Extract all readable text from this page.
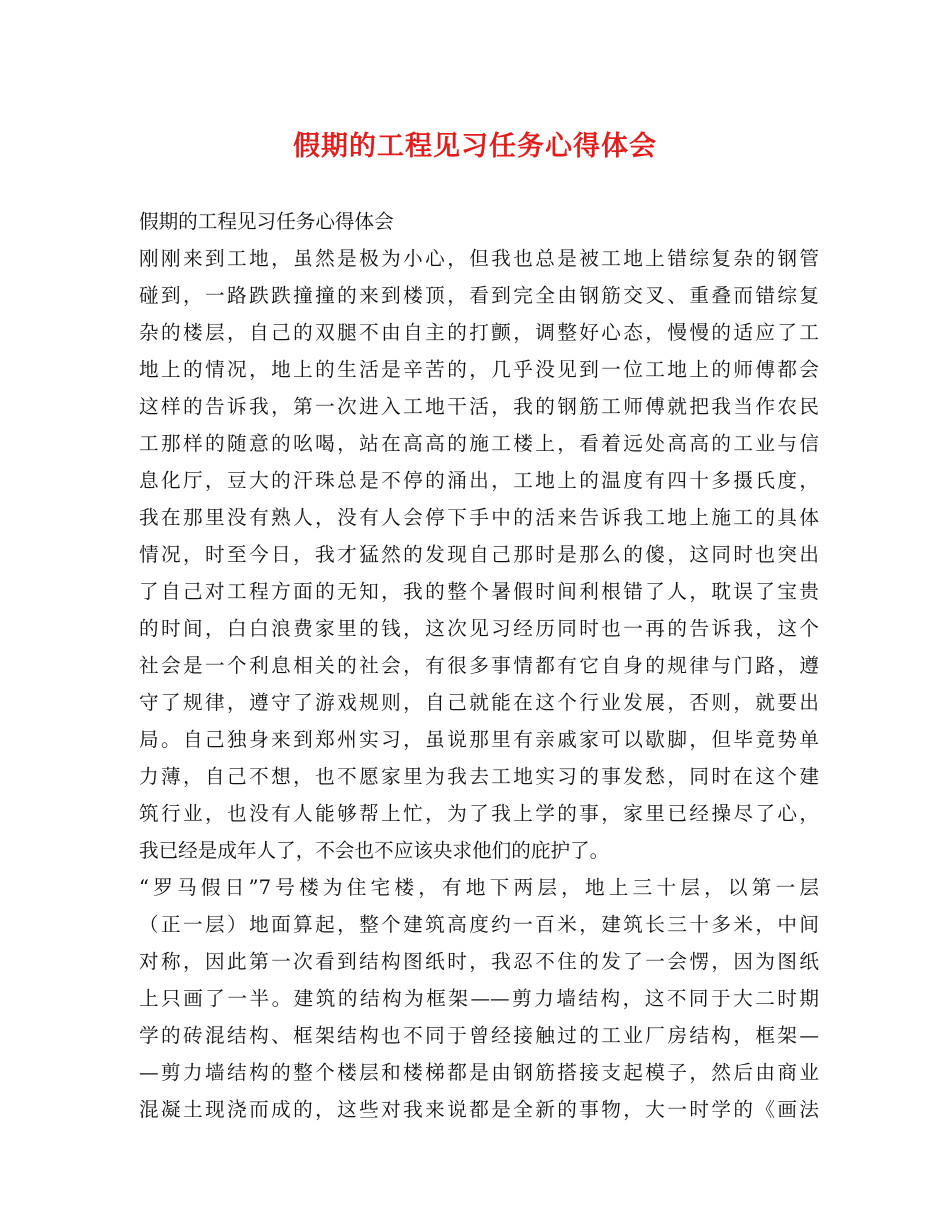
假期的工程见习任务心得体会
假期的工程见习任务心得体会
刚刚来到工地，虽然是极为小心，但我也总是被工地上错综复杂的钢管
碰到，一路跌跌撞撞的来到楼顶，看到完全由钢筋交叉、重叠而错综复
杂的楼层，自己的双腿不由自主的打颤，调整好心态，慢慢的适应了工
地上的情况，地上的生活是辛苦的，几乎没见到一位工地上的师傅都会
这样的告诉我，第一次进入工地干活，我的钢筋工师傅就把我当作农民
工那样的随意的吆喝，站在高高的施工楼上，看着远处高高的工业与信
息化厅，豆大的汗珠总是不停的涌出，工地上的温度有四十多摄氏度，
我在那里没有熟人，没有人会停下手中的活来告诉我工地上施工的具体
情况，时至今日，我才猛然的发现自己那时是那么的傻，这同时也突出
了自己对工程方面的无知，我的整个暑假时间利根错了人，耽误了宝贵
的时间，白白浪费家里的钱，这次见习经历同时也一再的告诉我，这个
社会是一个利息相关的社会，有很多事情都有它自身的规律与门路，遵
守了规律，遵守了游戏规则，自己就能在这个行业发展，否则，就要出
局。自己独身来到郑州实习，虽说那里有亲戚家可以歇脚，但毕竟势单
力薄，自己不想，也不愿家里为我去工地实习的事发愁，同时在这个建
筑行业，也没有人能够帮上忙，为了我上学的事，家里已经操尽了心，
我已经是成年人了，不会也不应该央求他们的庇护了。
“罗马假日”7号楼为住宅楼，有地下两层，地上三十层，以第一层
（正一层）地面算起，整个建筑高度约一百米，建筑长三十多米，中间
对称，因此第一次看到结构图纸时，我忍不住的发了一会愣，因为图纸
上只画了一半。建筑的结构为框架——剪力墙结构，这不同于大二时期
学的砖混结构、框架结构也不同于曾经接触过的工业厂房结构，框架—
—剪力墙结构的整个楼层和楼梯都是由钢筋搭接支起模子，然后由商业
混凝土现浇而成的，这些对我来说都是全新的事物，大一时学的《画法
